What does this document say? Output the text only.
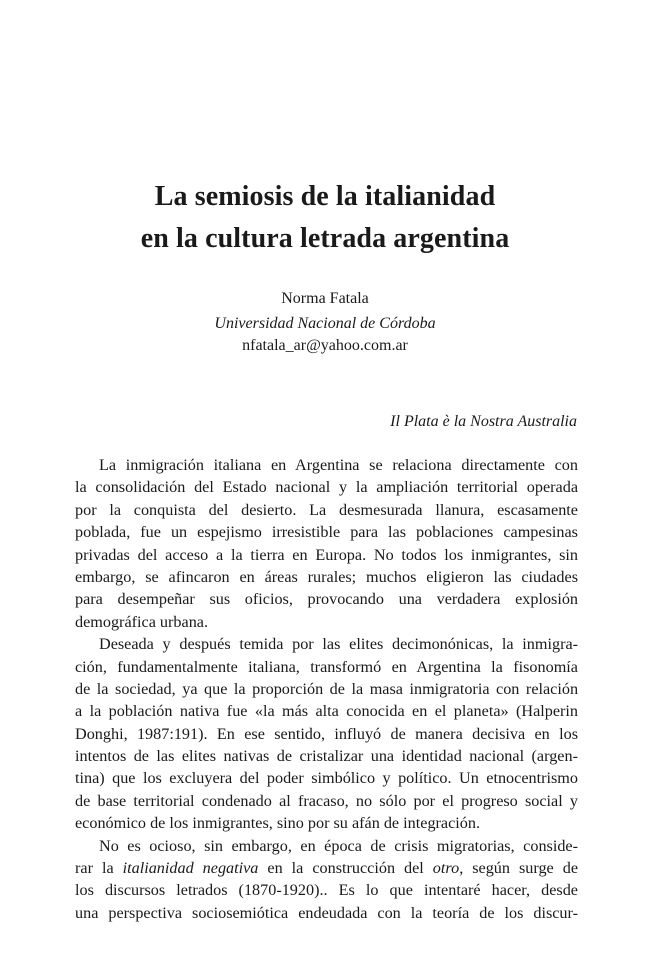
La semiosis de la italianidad
en la cultura letrada argentina
Norma Fatala
Universidad Nacional de Córdoba
nfatala_ar@yahoo.com.ar
Il Plata è la Nostra Australia
La inmigración italiana en Argentina se relaciona directamente con
la consolidación del Estado nacional y la ampliación territorial operada
por la conquista del desierto. La desmesurada llanura, escasamente
poblada, fue un espejismo irresistible para las poblaciones campesinas
privadas del acceso a la tierra en Europa. No todos los inmigrantes, sin
embargo, se afincaron en áreas rurales; muchos eligieron las ciudades
para desempeñar sus oficios, provocando una verdadera explosión
demográfica urbana.
Deseada y después temida por las elites decimonónicas, la inmigra-
ción, fundamentalmente italiana, transformó en Argentina la fisonomía
de la sociedad, ya que la proporción de la masa inmigratoria con relación
a la población nativa fue «la más alta conocida en el planeta» (Halperin
Donghi, 1987:191). En ese sentido, influyó de manera decisiva en los
intentos de las elites nativas de cristalizar una identidad nacional (argen-
tina) que los excluyera del poder simbólico y político. Un etnocentrismo
de base territorial condenado al fracaso, no sólo por el progreso social y
económico de los inmigrantes, sino por su afán de integración.
No es ocioso, sin embargo, en época de crisis migratorias, conside-
rar la italianidad negativa en la construcción del otro, según surge de
los discursos letrados (1870-1920).. Es lo que intentaré hacer, desde
una perspectiva sociosemiótica endeudada con la teoría de los discur-
